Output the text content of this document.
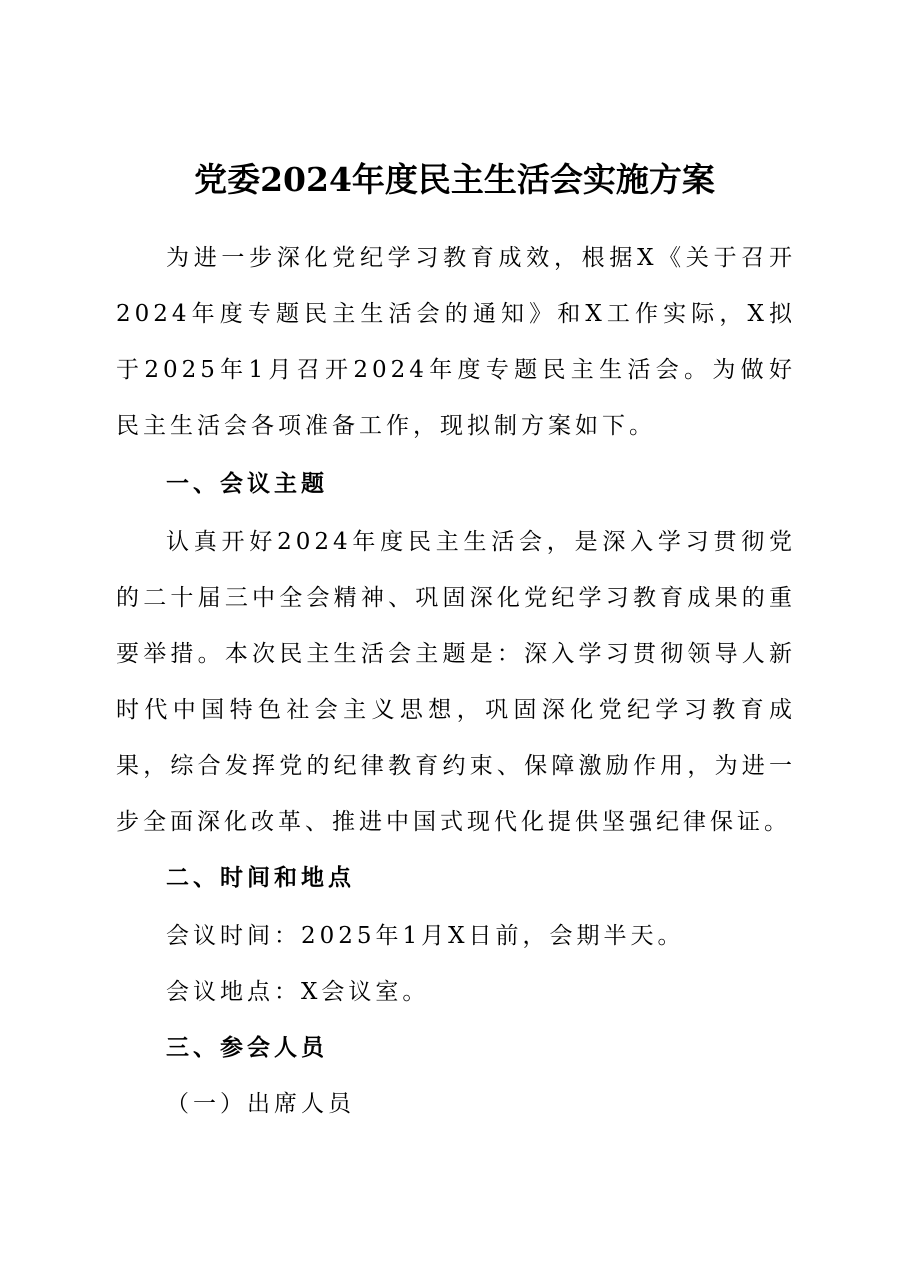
党委2024年度民主生活会实施方案

为进一步深化党纪学习教育成效，根据X《关于召开2024年度专题民主生活会的通知》和X工作实际，X拟于2025年1月召开2024年度专题民主生活会。为做好民主生活会各项准备工作，现拟制方案如下。

一、会议主题

认真开好2024年度民主生活会，是深入学习贯彻党的二十届三中全会精神、巩固深化党纪学习教育成果的重要举措。本次民主生活会主题是：深入学习贯彻领导人新时代中国特色社会主义思想，巩固深化党纪学习教育成果，综合发挥党的纪律教育约束、保障激励作用，为进一步全面深化改革、推进中国式现代化提供坚强纪律保证。

二、时间和地点

会议时间：2025年1月X日前，会期半天。

会议地点：X会议室。

三、参会人员

（一）出席人员
